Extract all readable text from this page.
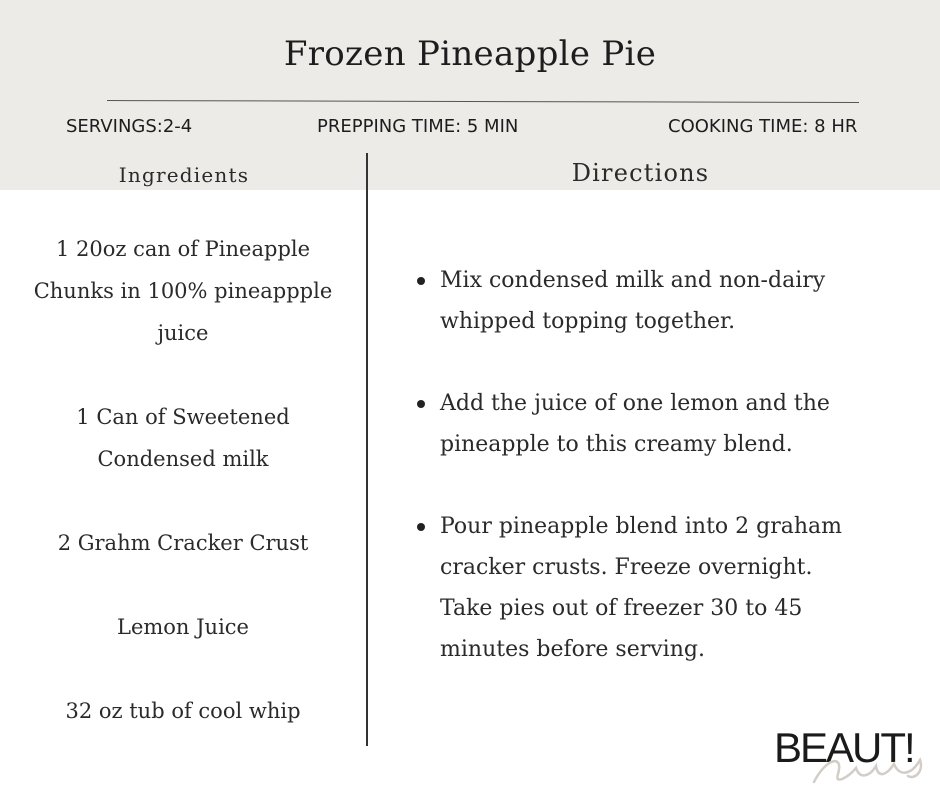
Frozen Pineapple Pie
SERVINGS:2-4	PREPPING TIME: 5 MIN	COOKING TIME: 8 HR
Ingredients	Directions
1 20oz can of Pineapple Chunks in 100% pineappple juice
1 Can of Sweetened Condensed milk
2 Grahm Cracker Crust
Lemon Juice
32 oz tub of cool whip
Mix condensed milk and non-dairy whipped topping together.
Add the juice of one lemon and the pineapple to this creamy blend.
Pour pineapple blend into 2 graham cracker crusts. Freeze overnight. Take pies out of freezer 30 to 45 minutes before serving.
BEAUT!
